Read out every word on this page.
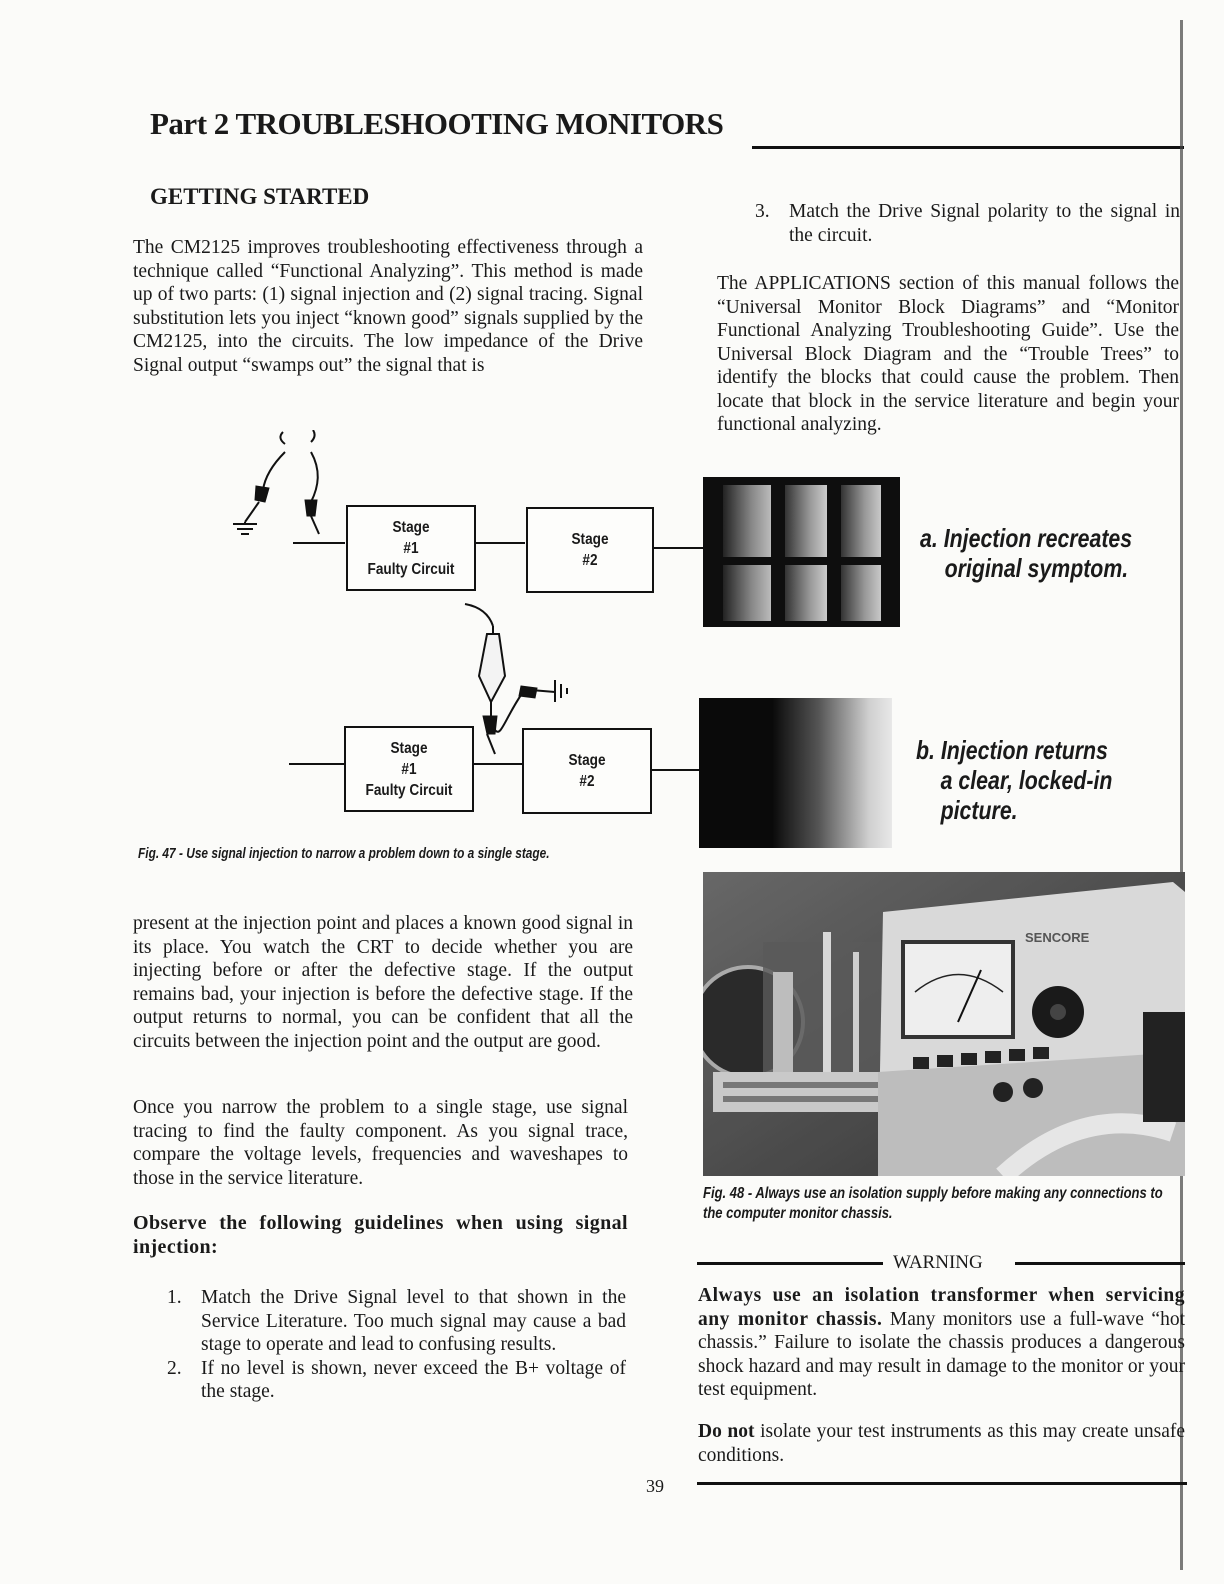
Part 2 TROUBLESHOOTING MONITORS
GETTING STARTED

The CM2125 improves troubleshooting effectiveness through a technique called “Functional Analyzing”. This method is made up of two parts: (1) signal injection and (2) signal tracing. Signal substitution lets you inject “known good” signals supplied by the CM2125, into the circuits. The low impedance of the Drive Signal output “swamps out” the signal that is

3. Match the Drive Signal polarity to the signal in the circuit.

The APPLICATIONS section of this manual follows the “Universal Monitor Block Diagrams” and “Monitor Functional Analyzing Troubleshooting Guide”. Use the Universal Block Diagram and the “Trouble Trees” to identify the blocks that could cause the problem. Then locate that block in the service literature and begin your functional analyzing.

Stage
#1
Faulty Circuit
Stage
#2
Stage
#1
Faulty Circuit
Stage
#2
a. Injection recreates
original symptom.
b. Injection returns
a clear, locked-in
picture.
Fig. 47 - Use signal injection to narrow a problem down to a single stage.

present at the injection point and places a known good signal in its place. You watch the CRT to decide whether you are injecting before or after the defective stage. If the output remains bad, your injection is before the defective stage. If the output returns to normal, you can be confident that all the circuits between the injection point and the output are good.

Once you narrow the problem to a single stage, use signal tracing to find the faulty component. As you signal trace, compare the voltage levels, frequencies and waveshapes to those in the service literature.

Observe the following guidelines when using signal injection:

1. Match the Drive Signal level to that shown in the Service Literature. Too much signal may cause a bad stage to operate and lead to confusing results.
2. If no level is shown, never exceed the B+ voltage of the stage.
SENCORE
Fig. 48 - Always use an isolation supply before making any connections to the computer monitor chassis.
WARNING

Always use an isolation transformer when servicing any monitor chassis. Many monitors use a full-wave “hot chassis.” Failure to isolate the chassis produces a dangerous shock hazard and may result in damage to the monitor or your test equipment.

Do not isolate your test instruments as this may create unsafe conditions.

39
